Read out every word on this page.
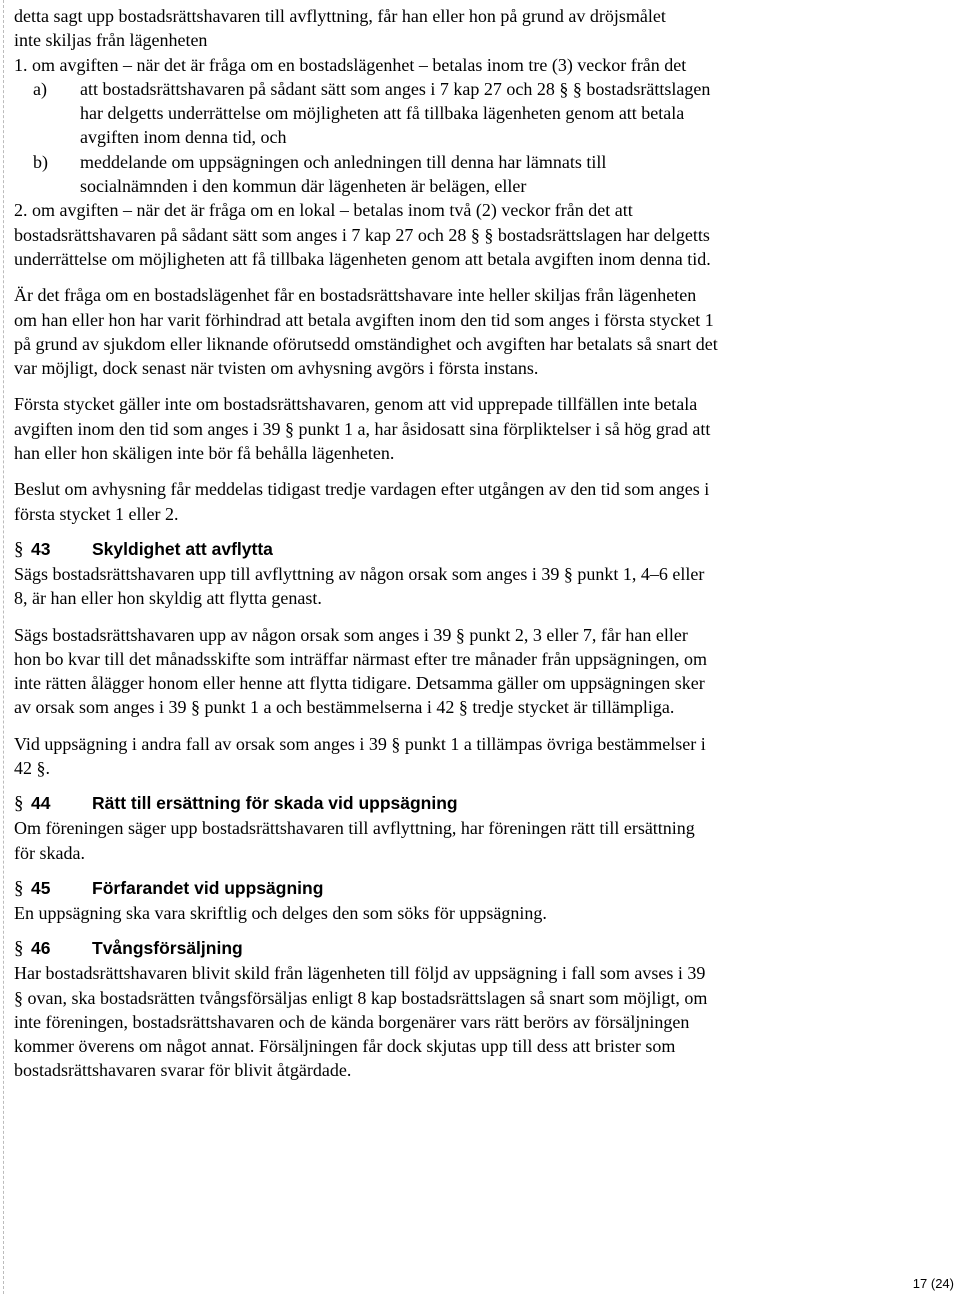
detta sagt upp bostadsrättshavaren till avflyttning, får han eller hon på grund av dröjsmålet inte skiljas från lägenheten

1. om avgiften – när det är fråga om en bostadslägenhet – betalas inom tre (3) veckor från det

a)	att bostadsrättshavaren på sådant sätt som anges i 7 kap 27 och 28 § § bostadsrättslagen har delgetts underrättelse om möjligheten att få tillbaka lägenheten genom att betala avgiften inom denna tid, och
b)	meddelande om uppsägningen och anledningen till denna har lämnats till socialnämnden i den kommun där lägenheten är belägen, eller

2. om avgiften – när det är fråga om en lokal – betalas inom två (2) veckor från det att bostadsrättshavaren på sådant sätt som anges i 7 kap 27 och 28 § § bostadsrättslagen har delgetts underrättelse om möjligheten att få tillbaka lägenheten genom att betala avgiften inom denna tid.

Är det fråga om en bostadslägenhet får en bostadsrättshavare inte heller skiljas från lägenheten om han eller hon har varit förhindrad att betala avgiften inom den tid som anges i första stycket 1 på grund av sjukdom eller liknande oförutsedd omständighet och avgiften har betalats så snart det var möjligt, dock senast när tvisten om avhysning avgörs i första instans.

Första stycket gäller inte om bostadsrättshavaren, genom att vid upprepade tillfällen inte betala avgiften inom den tid som anges i 39 § punkt 1 a, har åsidosatt sina förpliktelser i så hög grad att han eller hon skäligen inte bör få behålla lägenheten.

Beslut om avhysning får meddelas tidigast tredje vardagen efter utgången av den tid som anges i första stycket 1 eller 2.

§ 43	Skyldighet att avflytta

Sägs bostadsrättshavaren upp till avflyttning av någon orsak som anges i 39 § punkt 1, 4–6 eller 8, är han eller hon skyldig att flytta genast.

Sägs bostadsrättshavaren upp av någon orsak som anges i 39 § punkt 2, 3 eller 7, får han eller hon bo kvar till det månadsskifte som inträffar närmast efter tre månader från uppsägningen, om inte rätten ålägger honom eller henne att flytta tidigare. Detsamma gäller om uppsägningen sker av orsak som anges i 39 § punkt 1 a och bestämmelserna i 42 § tredje stycket är tillämpliga.

Vid uppsägning i andra fall av orsak som anges i 39 § punkt 1 a tillämpas övriga bestämmelser i 42 §.

§ 44	Rätt till ersättning för skada vid uppsägning

Om föreningen säger upp bostadsrättshavaren till avflyttning, har föreningen rätt till ersättning för skada.

§ 45	Förfarandet vid uppsägning

En uppsägning ska vara skriftlig och delges den som söks för uppsägning.

§ 46	Tvångsförsäljning

Har bostadsrättshavaren blivit skild från lägenheten till följd av uppsägning i fall som avses i 39 § ovan, ska bostadsrätten tvångsförsäljas enligt 8 kap bostadsrättslagen så snart som möjligt, om inte föreningen, bostadsrättshavaren och de kända borgenärer vars rätt berörs av försäljningen kommer överens om något annat. Försäljningen får dock skjutas upp till dess att brister som bostadsrättshavaren svarar för blivit åtgärdade.

17 (24)
